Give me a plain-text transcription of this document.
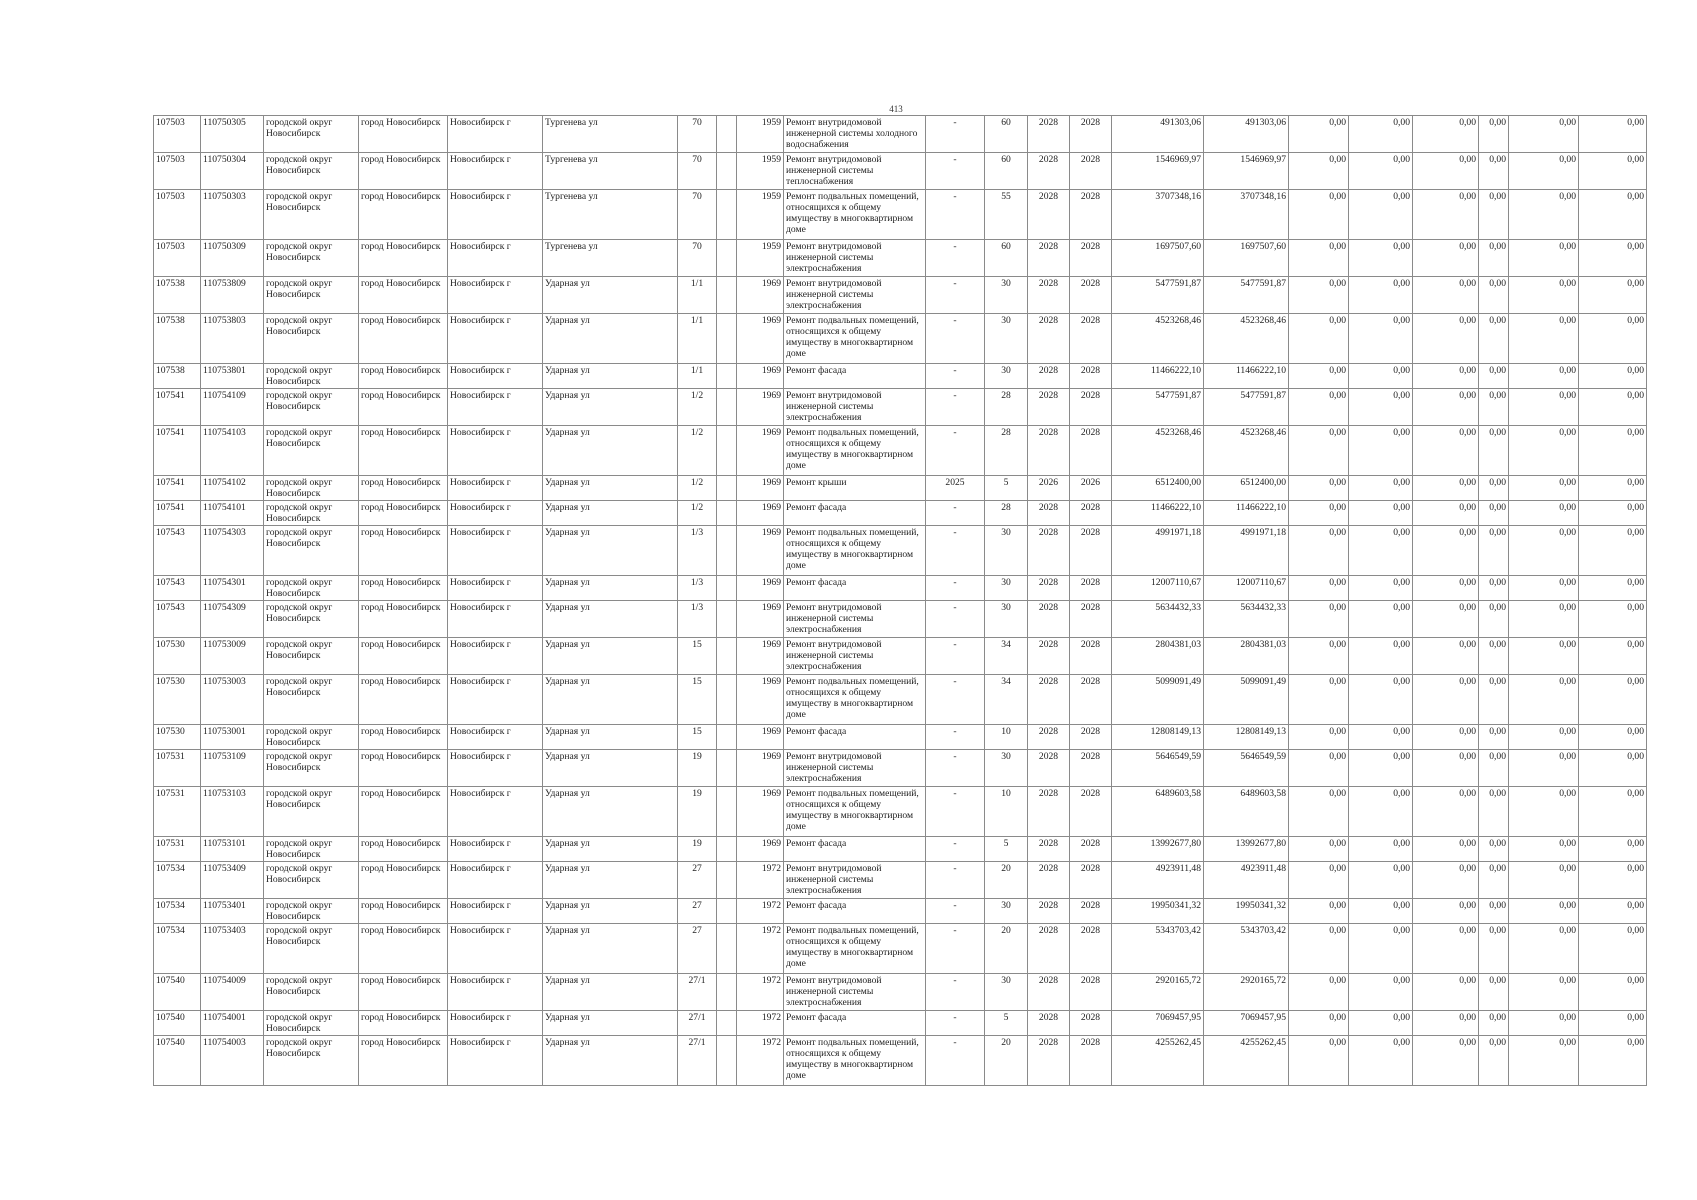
413
107503	110750305	городской округ Новосибирск	город Новосибирск	Новосибирск г	Тургенева ул	70		1959	Ремонт внутридомовой инженерной системы холодного водоснабжения	-	60	2028	2028	491303,06	491303,06	0,00	0,00	0,00	0,00	0,00	0,00
107503	110750304	городской округ Новосибирск	город Новосибирск	Новосибирск г	Тургенева ул	70		1959	Ремонт внутридомовой инженерной системы теплоснабжения	-	60	2028	2028	1546969,97	1546969,97	0,00	0,00	0,00	0,00	0,00	0,00
107503	110750303	городской округ Новосибирск	город Новосибирск	Новосибирск г	Тургенева ул	70		1959	Ремонт подвальных помещений, относящихся к общему имуществу в многоквартирном доме	-	55	2028	2028	3707348,16	3707348,16	0,00	0,00	0,00	0,00	0,00	0,00
107503	110750309	городской округ Новосибирск	город Новосибирск	Новосибирск г	Тургенева ул	70		1959	Ремонт внутридомовой инженерной системы электроснабжения	-	60	2028	2028	1697507,60	1697507,60	0,00	0,00	0,00	0,00	0,00	0,00
107538	110753809	городской округ Новосибирск	город Новосибирск	Новосибирск г	Ударная ул	1/1		1969	Ремонт внутридомовой инженерной системы электроснабжения	-	30	2028	2028	5477591,87	5477591,87	0,00	0,00	0,00	0,00	0,00	0,00
107538	110753803	городской округ Новосибирск	город Новосибирск	Новосибирск г	Ударная ул	1/1		1969	Ремонт подвальных помещений, относящихся к общему имуществу в многоквартирном доме	-	30	2028	2028	4523268,46	4523268,46	0,00	0,00	0,00	0,00	0,00	0,00
107538	110753801	городской округ Новосибирск	город Новосибирск	Новосибирск г	Ударная ул	1/1		1969	Ремонт фасада	-	30	2028	2028	11466222,10	11466222,10	0,00	0,00	0,00	0,00	0,00	0,00
107541	110754109	городской округ Новосибирск	город Новосибирск	Новосибирск г	Ударная ул	1/2		1969	Ремонт внутридомовой инженерной системы электроснабжения	-	28	2028	2028	5477591,87	5477591,87	0,00	0,00	0,00	0,00	0,00	0,00
107541	110754103	городской округ Новосибирск	город Новосибирск	Новосибирск г	Ударная ул	1/2		1969	Ремонт подвальных помещений, относящихся к общему имуществу в многоквартирном доме	-	28	2028	2028	4523268,46	4523268,46	0,00	0,00	0,00	0,00	0,00	0,00
107541	110754102	городской округ Новосибирск	город Новосибирск	Новосибирск г	Ударная ул	1/2		1969	Ремонт крыши	2025	5	2026	2026	6512400,00	6512400,00	0,00	0,00	0,00	0,00	0,00	0,00
107541	110754101	городской округ Новосибирск	город Новосибирск	Новосибирск г	Ударная ул	1/2		1969	Ремонт фасада	-	28	2028	2028	11466222,10	11466222,10	0,00	0,00	0,00	0,00	0,00	0,00
107543	110754303	городской округ Новосибирск	город Новосибирск	Новосибирск г	Ударная ул	1/3		1969	Ремонт подвальных помещений, относящихся к общему имуществу в многоквартирном доме	-	30	2028	2028	4991971,18	4991971,18	0,00	0,00	0,00	0,00	0,00	0,00
107543	110754301	городской округ Новосибирск	город Новосибирск	Новосибирск г	Ударная ул	1/3		1969	Ремонт фасада	-	30	2028	2028	12007110,67	12007110,67	0,00	0,00	0,00	0,00	0,00	0,00
107543	110754309	городской округ Новосибирск	город Новосибирск	Новосибирск г	Ударная ул	1/3		1969	Ремонт внутридомовой инженерной системы электроснабжения	-	30	2028	2028	5634432,33	5634432,33	0,00	0,00	0,00	0,00	0,00	0,00
107530	110753009	городской округ Новосибирск	город Новосибирск	Новосибирск г	Ударная ул	15		1969	Ремонт внутридомовой инженерной системы электроснабжения	-	34	2028	2028	2804381,03	2804381,03	0,00	0,00	0,00	0,00	0,00	0,00
107530	110753003	городской округ Новосибирск	город Новосибирск	Новосибирск г	Ударная ул	15		1969	Ремонт подвальных помещений, относящихся к общему имуществу в многоквартирном доме	-	34	2028	2028	5099091,49	5099091,49	0,00	0,00	0,00	0,00	0,00	0,00
107530	110753001	городской округ Новосибирск	город Новосибирск	Новосибирск г	Ударная ул	15		1969	Ремонт фасада	-	10	2028	2028	12808149,13	12808149,13	0,00	0,00	0,00	0,00	0,00	0,00
107531	110753109	городской округ Новосибирск	город Новосибирск	Новосибирск г	Ударная ул	19		1969	Ремонт внутридомовой инженерной системы электроснабжения	-	30	2028	2028	5646549,59	5646549,59	0,00	0,00	0,00	0,00	0,00	0,00
107531	110753103	городской округ Новосибирск	город Новосибирск	Новосибирск г	Ударная ул	19		1969	Ремонт подвальных помещений, относящихся к общему имуществу в многоквартирном доме	-	10	2028	2028	6489603,58	6489603,58	0,00	0,00	0,00	0,00	0,00	0,00
107531	110753101	городской округ Новосибирск	город Новосибирск	Новосибирск г	Ударная ул	19		1969	Ремонт фасада	-	5	2028	2028	13992677,80	13992677,80	0,00	0,00	0,00	0,00	0,00	0,00
107534	110753409	городской округ Новосибирск	город Новосибирск	Новосибирск г	Ударная ул	27		1972	Ремонт внутридомовой инженерной системы электроснабжения	-	20	2028	2028	4923911,48	4923911,48	0,00	0,00	0,00	0,00	0,00	0,00
107534	110753401	городской округ Новосибирск	город Новосибирск	Новосибирск г	Ударная ул	27		1972	Ремонт фасада	-	30	2028	2028	19950341,32	19950341,32	0,00	0,00	0,00	0,00	0,00	0,00
107534	110753403	городской округ Новосибирск	город Новосибирск	Новосибирск г	Ударная ул	27		1972	Ремонт подвальных помещений, относящихся к общему имуществу в многоквартирном доме	-	20	2028	2028	5343703,42	5343703,42	0,00	0,00	0,00	0,00	0,00	0,00
107540	110754009	городской округ Новосибирск	город Новосибирск	Новосибирск г	Ударная ул	27/1		1972	Ремонт внутридомовой инженерной системы электроснабжения	-	30	2028	2028	2920165,72	2920165,72	0,00	0,00	0,00	0,00	0,00	0,00
107540	110754001	городской округ Новосибирск	город Новосибирск	Новосибирск г	Ударная ул	27/1		1972	Ремонт фасада	-	5	2028	2028	7069457,95	7069457,95	0,00	0,00	0,00	0,00	0,00	0,00
107540	110754003	городской округ Новосибирск	город Новосибирск	Новосибирск г	Ударная ул	27/1		1972	Ремонт подвальных помещений, относящихся к общему имуществу в многоквартирном доме	-	20	2028	2028	4255262,45	4255262,45	0,00	0,00	0,00	0,00	0,00	0,00
